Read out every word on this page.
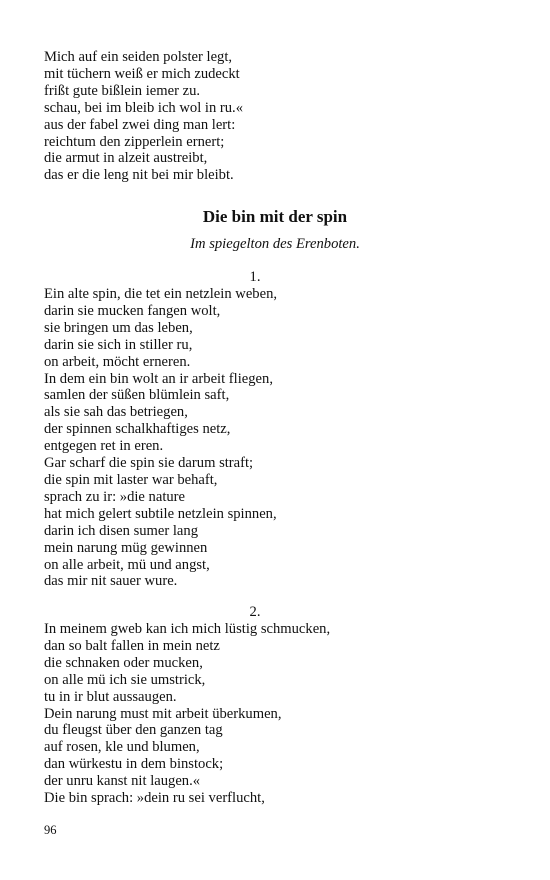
Mich auf ein seiden polster legt,
mit tüchern weiß er mich zudeckt
frißt gute bißlein iemer zu.
schau, bei im bleib ich wol in ru.«
aus der fabel zwei ding man lert:
reichtum den zipperlein ernert;
die armut in alzeit austreibt,
das er die leng nit bei mir bleibt.
Die bin mit der spin
Im spiegelton des Erenboten.
1.
Ein alte spin, die tet ein netzlein weben,
darin sie mucken fangen wolt,
sie bringen um das leben,
darin sie sich in stiller ru,
on arbeit, möcht erneren.
In dem ein bin wolt an ir arbeit fliegen,
samlen der süßen blümlein saft,
als sie sah das betriegen,
der spinnen schalkhaftiges netz,
entgegen ret in eren.
Gar scharf die spin sie darum straft;
die spin mit laster war behaft,
sprach zu ir: »die nature
hat mich gelert subtile netzlein spinnen,
darin ich disen sumer lang
mein narung müg gewinnen
on alle arbeit, mü und angst,
das mir nit sauer wure.
2.
In meinem gweb kan ich mich lüstig schmucken,
dan so balt fallen in mein netz
die schnaken oder mucken,
on alle mü ich sie umstrick,
tu in ir blut aussaugen.
Dein narung must mit arbeit überkumen,
du fleugst über den ganzen tag
auf rosen, kle und blumen,
dan würkestu in dem binstock;
der unru kanst nit laugen.«
Die bin sprach: »dein ru sei verflucht,
96
